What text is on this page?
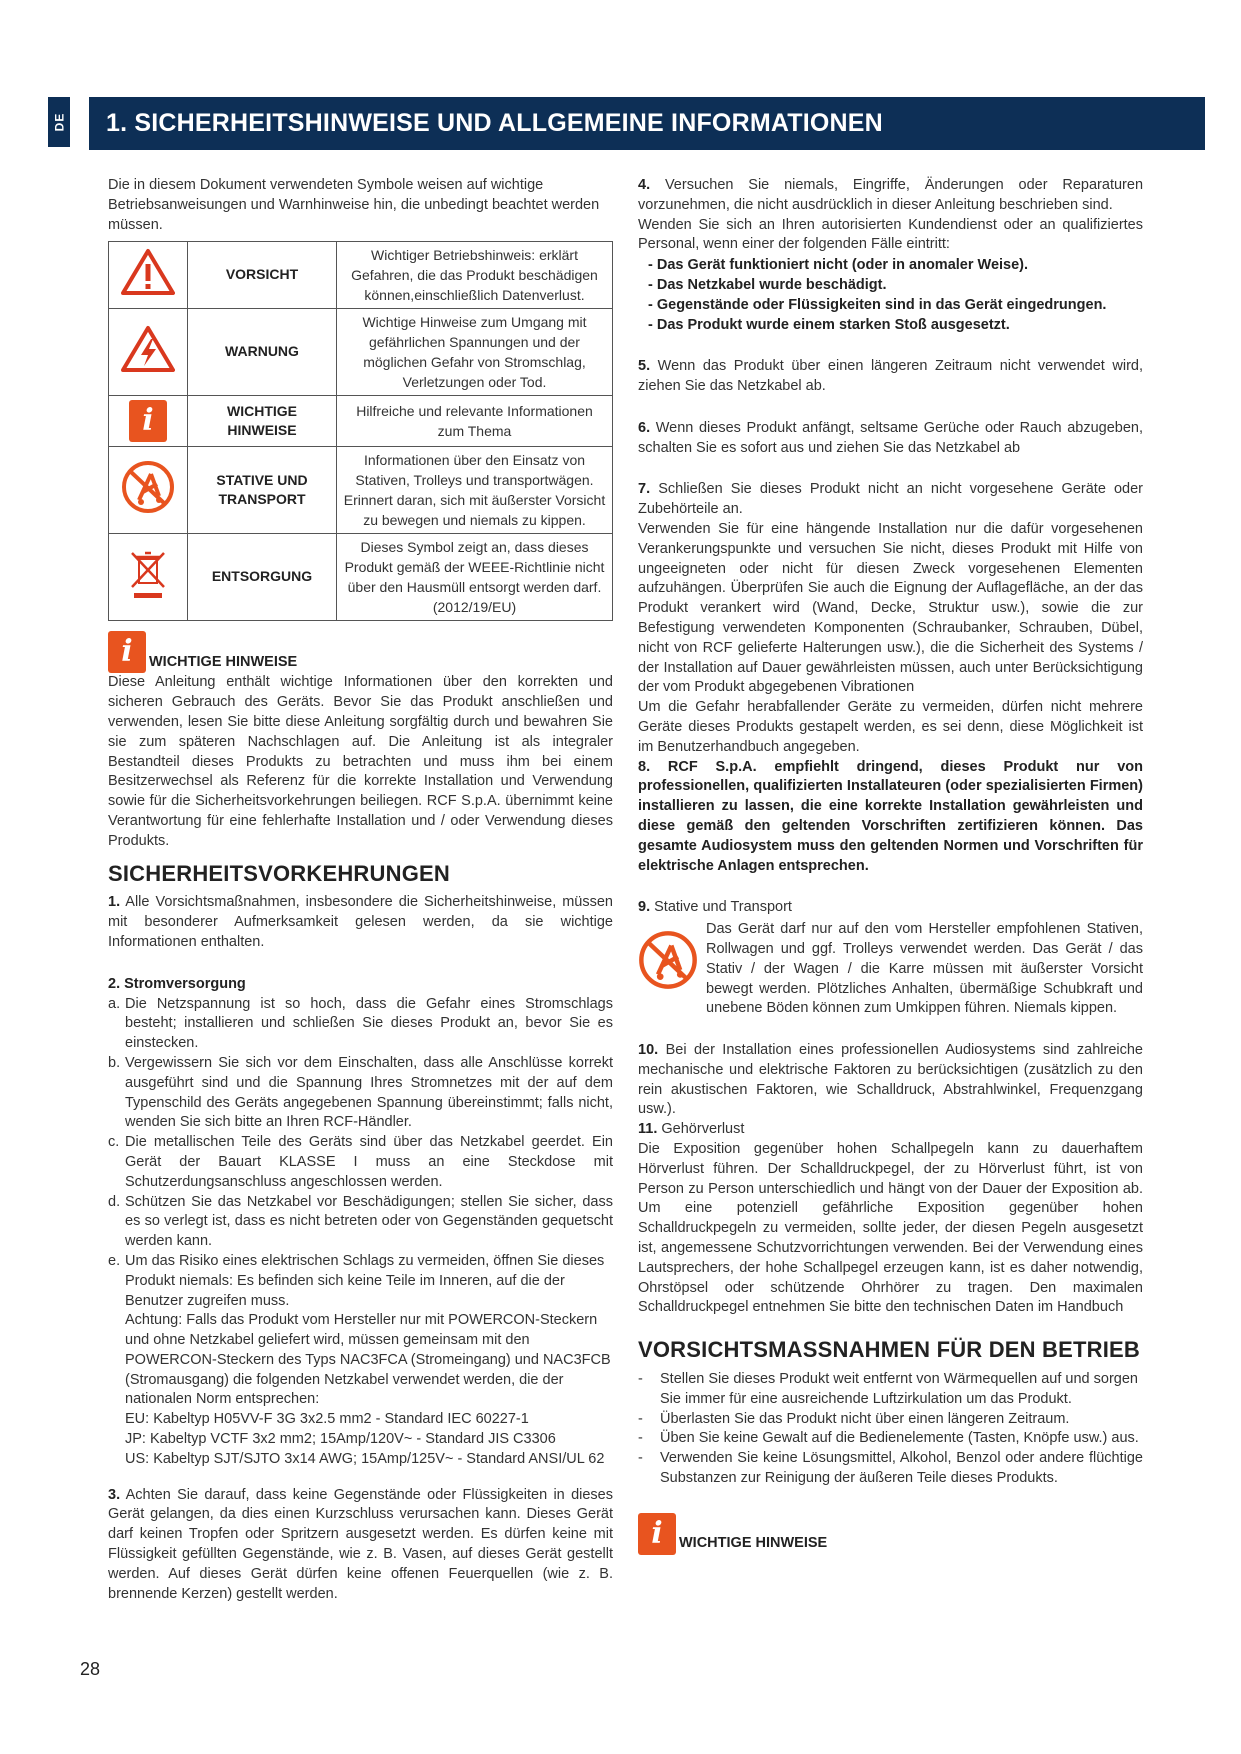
DE 1. SICHERHEITSHINWEISE UND ALLGEMEINE INFORMATIONEN

Die in diesem Dokument verwendeten Symbole weisen auf wichtige Betriebsanweisungen und Warnhinweise hin, die unbedingt beachtet werden müssen.

	VORSICHT	Wichtiger Betriebshinweis: erklärt Gefahren, die das Produkt beschädigen können,einschließlich Datenverlust.
	WARNUNG	Wichtige Hinweise zum Umgang mit gefährlichen Spannungen und der möglichen Gefahr von Stromschlag, Verletzungen oder Tod.
i	WICHTIGE HINWEISE	Hilfreiche und relevante Informationen zum Thema
	STATIVE UND TRANSPORT	Informationen über den Einsatz von Stativen, Trolleys und transportwägen. Erinnert daran, sich mit äußerster Vorsicht zu bewegen und niemals zu kippen.
	ENTSORGUNG	Dieses Symbol zeigt an, dass dieses Produkt gemäß der WEEE-Richtlinie nicht über den Hausmüll entsorgt werden darf. (2012/19/EU)
i	WICHTIGE HINWEISE

Diese Anleitung enthält wichtige Informationen über den korrekten und sicheren Gebrauch des Geräts. Bevor Sie das Produkt anschließen und verwenden, lesen Sie bitte diese Anleitung sorgfältig durch und bewahren Sie sie zum späteren Nachschlagen auf. Die Anleitung ist als integraler Bestandteil dieses Produkts zu betrachten und muss ihm bei einem Besitzerwechsel als Referenz für die korrekte Installation und Verwendung sowie für die Sicherheitsvorkehrungen beiliegen. RCF S.p.A. übernimmt keine Verantwortung für eine fehlerhafte Installation und / oder Verwendung dieses Produkts.

SICHERHEITSVORKEHRUNGEN

1. Alle Vorsichtsmaßnahmen, insbesondere die Sicherheitshinweise, müssen mit besonderer Aufmerksamkeit gelesen werden, da sie wichtige Informationen enthalten.

2. Stromversorgung

a. Die Netzspannung ist so hoch, dass die Gefahr eines Stromschlags besteht; installieren und schließen Sie dieses Produkt an, bevor Sie es einstecken.
b. Vergewissern Sie sich vor dem Einschalten, dass alle Anschlüsse korrekt ausgeführt sind und die Spannung Ihres Stromnetzes mit der auf dem Typenschild des Geräts angegebenen Spannung übereinstimmt; falls nicht, wenden Sie sich bitte an Ihren RCF-Händler.
c. Die metallischen Teile des Geräts sind über das Netzkabel geerdet. Ein Gerät der Bauart KLASSE I muss an eine Steckdose mit Schutzerdungsanschluss angeschlossen werden.
d. Schützen Sie das Netzkabel vor Beschädigungen; stellen Sie sicher, dass es so verlegt ist, dass es nicht betreten oder von Gegenständen gequetscht werden kann.
e. Um das Risiko eines elektrischen Schlags zu vermeiden, öffnen Sie dieses Produkt niemals: Es befinden sich keine Teile im Inneren, auf die der Benutzer zugreifen muss.
Achtung: Falls das Produkt vom Hersteller nur mit POWERCON-Steckern und ohne Netzkabel geliefert wird, müssen gemeinsam mit den POWERCON-Steckern des Typs NAC3FCA (Stromeingang) und NAC3FCB (Stromausgang) die folgenden Netzkabel verwendet werden, die der nationalen Norm entsprechen:
EU: Kabeltyp H05VV-F 3G 3x2.5 mm2 - Standard IEC 60227-1
JP: Kabeltyp VCTF 3x2 mm2; 15Amp/120V~ - Standard JIS C3306
US: Kabeltyp SJT/SJTO 3x14 AWG; 15Amp/125V~ - Standard ANSI/UL 62

3. Achten Sie darauf, dass keine Gegenstände oder Flüssigkeiten in dieses Gerät gelangen, da dies einen Kurzschluss verursachen kann. Dieses Gerät darf keinen Tropfen oder Spritzern ausgesetzt werden. Es dürfen keine mit Flüssigkeit gefüllten Gegenstände, wie z. B. Vasen, auf dieses Gerät gestellt werden. Auf dieses Gerät dürfen keine offenen Feuerquellen (wie z. B. brennende Kerzen) gestellt werden.

4. Versuchen Sie niemals, Eingriffe, Änderungen oder Reparaturen vorzunehmen, die nicht ausdrücklich in dieser Anleitung beschrieben sind.

Wenden Sie sich an Ihren autorisierten Kundendienst oder an qualifiziertes Personal, wenn einer der folgenden Fälle eintritt:

- Das Gerät funktioniert nicht (oder in anomaler Weise).
- Das Netzkabel wurde beschädigt.
- Gegenstände oder Flüssigkeiten sind in das Gerät eingedrungen.
- Das Produkt wurde einem starken Stoß ausgesetzt.

5. Wenn das Produkt über einen längeren Zeitraum nicht verwendet wird, ziehen Sie das Netzkabel ab.

6. Wenn dieses Produkt anfängt, seltsame Gerüche oder Rauch abzugeben, schalten Sie es sofort aus und ziehen Sie das Netzkabel ab

7. Schließen Sie dieses Produkt nicht an nicht vorgesehene Geräte oder Zubehörteile an.

Verwenden Sie für eine hängende Installation nur die dafür vorgesehenen Verankerungspunkte und versuchen Sie nicht, dieses Produkt mit Hilfe von ungeeigneten oder nicht für diesen Zweck vorgesehenen Elementen aufzuhängen. Überprüfen Sie auch die Eignung der Auflagefläche, an der das Produkt verankert wird (Wand, Decke, Struktur usw.), sowie die zur Befestigung verwendeten Komponenten (Schraubanker, Schrauben, Dübel, nicht von RCF gelieferte Halterungen usw.), die die Sicherheit des Systems / der Installation auf Dauer gewährleisten müssen, auch unter Berücksichtigung der vom Produkt abgegebenen Vibrationen

Um die Gefahr herabfallender Geräte zu vermeiden, dürfen nicht mehrere Geräte dieses Produkts gestapelt werden, es sei denn, diese Möglichkeit ist im Benutzerhandbuch angegeben.

8. RCF S.p.A. empfiehlt dringend, dieses Produkt nur von professionellen, qualifizierten Installateuren (oder spezialisierten Firmen) installieren zu lassen, die eine korrekte Installation gewährleisten und diese gemäß den geltenden Vorschriften zertifizieren können. Das gesamte Audiosystem muss den geltenden Normen und Vorschriften für elektrische Anlagen entsprechen.

9. Stative und Transport

Das Gerät darf nur auf den vom Hersteller empfohlenen Stativen, Rollwagen und ggf. Trolleys verwendet werden. Das Gerät / das Stativ / der Wagen / die Karre müssen mit äußerster Vorsicht bewegt werden. Plötzliches Anhalten, übermäßige Schubkraft und unebene Böden können zum Umkippen führen. Niemals kippen.

10. Bei der Installation eines professionellen Audiosystems sind zahlreiche mechanische und elektrische Faktoren zu berücksichtigen (zusätzlich zu den rein akustischen Faktoren, wie Schalldruck, Abstrahlwinkel, Frequenzgang usw.).

11. Gehörverlust

Die Exposition gegenüber hohen Schallpegeln kann zu dauerhaftem Hörverlust führen. Der Schalldruckpegel, der zu Hörverlust führt, ist von Person zu Person unterschiedlich und hängt von der Dauer der Exposition ab. Um eine potenziell gefährliche Exposition gegenüber hohen Schalldruckpegeln zu vermeiden, sollte jeder, der diesen Pegeln ausgesetzt ist, angemessene Schutzvorrichtungen verwenden. Bei der Verwendung eines Lautsprechers, der hohe Schallpegel erzeugen kann, ist es daher notwendig, Ohrstöpsel oder schützende Ohrhörer zu tragen. Den maximalen Schalldruckpegel entnehmen Sie bitte den technischen Daten im Handbuch

VORSICHTSMASSNAHMEN FÜR DEN BETRIEB
-	Stellen Sie dieses Produkt weit entfernt von Wärmequellen auf und sorgen Sie immer für eine ausreichende Luftzirkulation um das Produkt.
-	Überlasten Sie das Produkt nicht über einen längeren Zeitraum.
-	Üben Sie keine Gewalt auf die Bedienelemente (Tasten, Knöpfe usw.) aus.
-	Verwenden Sie keine Lösungsmittel, Alkohol, Benzol oder andere flüchtige Substanzen zur Reinigung der äußeren Teile dieses Produkts.
i	WICHTIGE HINWEISE
28
